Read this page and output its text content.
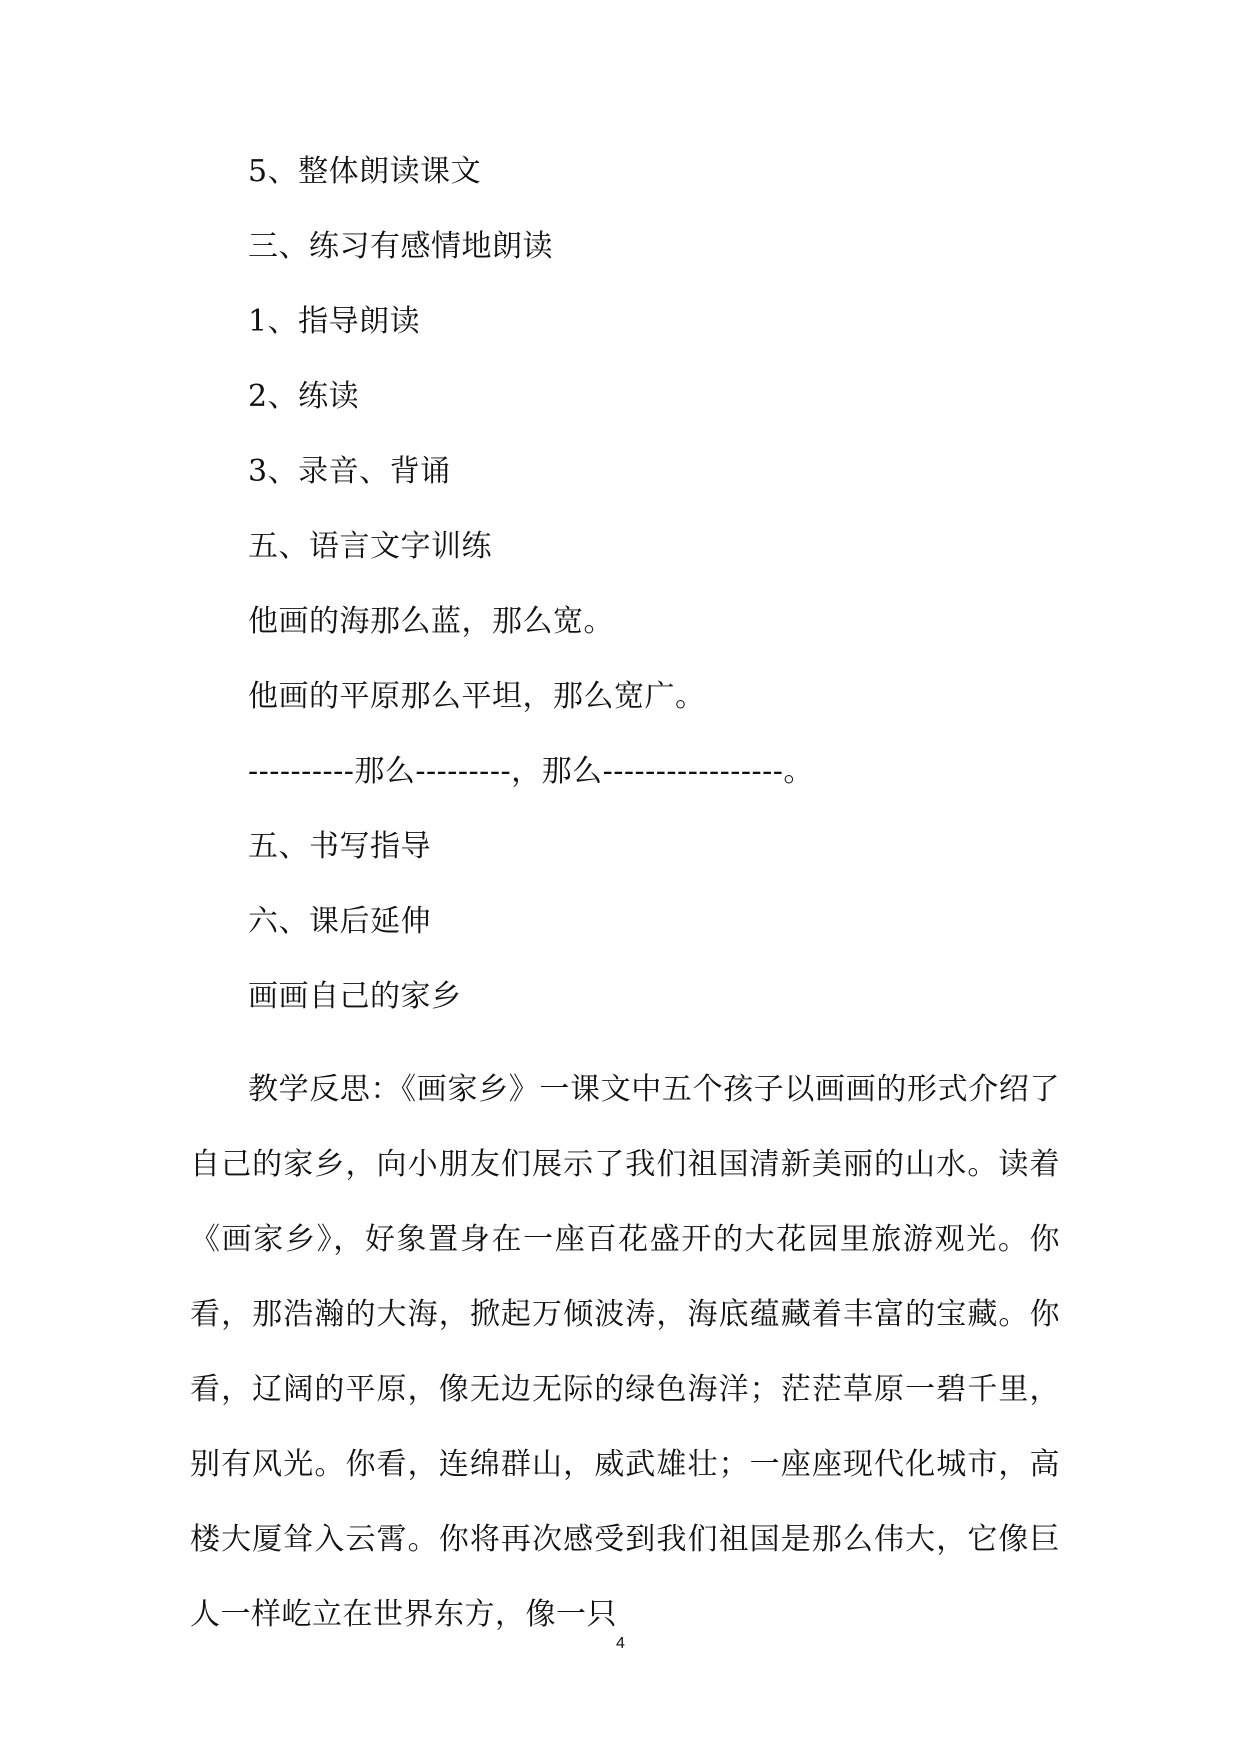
5、整体朗读课文
三、练习有感情地朗读
1、指导朗读
2、练读
3、录音、背诵
五、语言文字训练
他画的海那么蓝，那么宽。
他画的平原那么平坦，那么宽广。
----------那么---------，那么-----------------。
五、书写指导
六、课后延伸
画画自己的家乡

教学反思：《画家乡》一课文中五个孩子以画画的形式介绍了自己的家乡，向小朋友们展示了我们祖国清新美丽的山水。读着《画家乡》，好象置身在一座百花盛开的大花园里旅游观光。你看，那浩瀚的大海，掀起万倾波涛，海底蕴藏着丰富的宝藏。你看，辽阔的平原，像无边无际的绿色海洋；茫茫草原一碧千里，别有风光。你看，连绵群山，威武雄壮；一座座现代化城市，高楼大厦耸入云霄。你将再次感受到我们祖国是那么伟大，它像巨人一样屹立在世界东方，像一只

4
